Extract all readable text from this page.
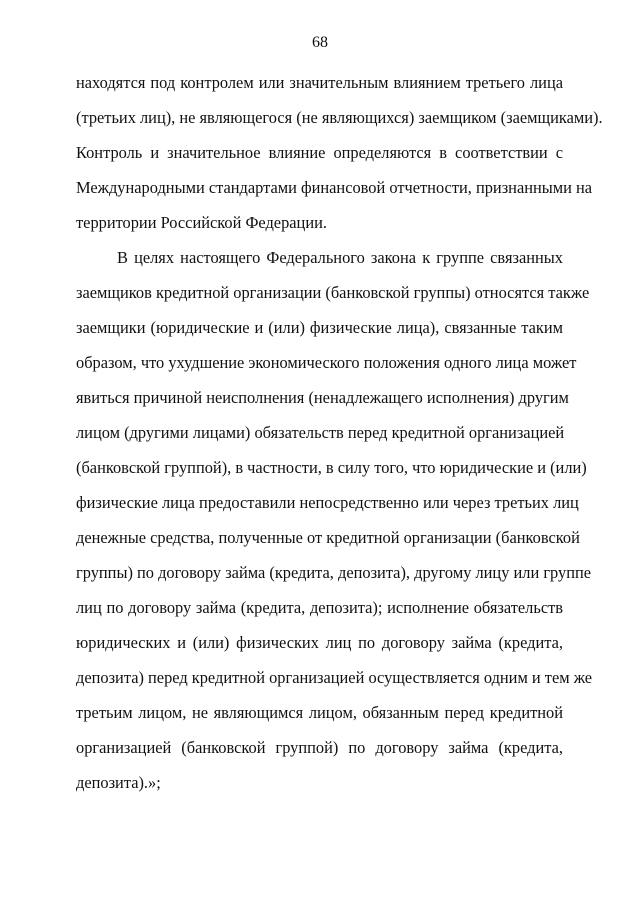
68
находятся под контролем или значительным влиянием третьего лица
(третьих лиц), не являющегося (не являющихся) заемщиком (заемщиками).
Контроль и значительное влияние определяются в соответствии с
Международными стандартами финансовой отчетности, признанными на
территории Российской Федерации.
В целях настоящего Федерального закона к группе связанных
заемщиков кредитной организации (банковской группы) относятся также
заемщики (юридические и (или) физические лица), связанные таким
образом, что ухудшение экономического положения одного лица может
явиться причиной неисполнения (ненадлежащего исполнения) другим
лицом (другими лицами) обязательств перед кредитной организацией
(банковской группой), в частности, в силу того, что юридические и (или)
физические лица предоставили непосредственно или через третьих лиц
денежные средства, полученные от кредитной организации (банковской
группы) по договору займа (кредита, депозита), другому лицу или группе
лиц по договору займа (кредита, депозита); исполнение обязательств
юридических и (или) физических лиц по договору займа (кредита,
депозита) перед кредитной организацией осуществляется одним и тем же
третьим лицом, не являющимся лицом, обязанным перед кредитной
организацией (банковской группой) по договору займа (кредита,
депозита).»;
